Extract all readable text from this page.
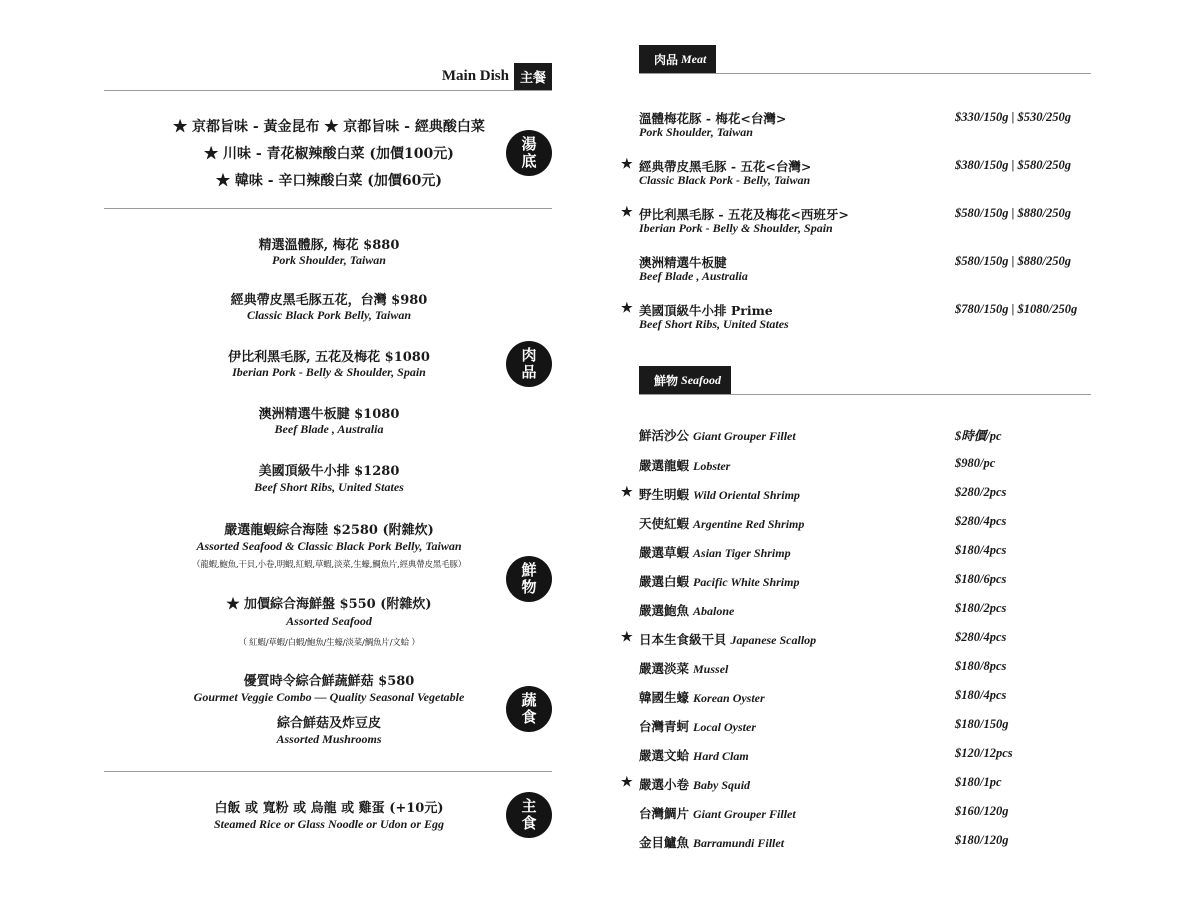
Main Dish 主餐
★ 京都旨味 - 黃金昆布 ★ 京都旨味 - 經典酸白菜
★ 川味 - 青花椒辣酸白菜 (加價100元)
★ 韓味 - 辛口辣酸白菜 (加價60元)
湯
底
精選溫體豚, 梅花 $880
Pork Shoulder, Taiwan
經典帶皮黑毛豚五花，台灣 $980
Classic Black Pork Belly, Taiwan
伊比利黑毛豚, 五花及梅花 $1080
Iberian Pork - Belly & Shoulder, Spain
澳洲精選牛板腱 $1080
Beef Blade , Australia
美國頂級牛小排 $1280
Beef Short Ribs, United States
肉
品
嚴選龍蝦綜合海陸 $2580 (附雜炊)
Assorted Seafood & Classic Black Pork Belly, Taiwan
（龍蝦,鮑魚,干貝,小卷,明蝦,紅蝦,草蝦,淡菜,生蠔,鯛魚片,經典帶皮黑毛豚）
★ 加價綜合海鮮盤 $550 (附雜炊)
Assorted Seafood
（ 紅蝦/草蝦/白蝦/鮑魚/生蠔/淡菜/鯛魚片/文蛤 ）
鮮
物
優質時令綜合鮮蔬鮮菇 $580
Gourmet Veggie Combo — Quality Seasonal Vegetable
綜合鮮菇及炸豆皮
Assorted Mushrooms
蔬
食
白飯 或 寬粉 或 烏龍 或 雞蛋 (+10元)
Steamed Rice or Glass Noodle or Udon or Egg
主
食
肉品 Meat
溫體梅花豚 - 梅花<台灣>
Pork Shoulder, Taiwan
$330/150g | $530/250g
★ 經典帶皮黑毛豚 - 五花<台灣>
Classic Black Pork - Belly, Taiwan
$380/150g | $580/250g
★ 伊比利黑毛豚 - 五花及梅花<西班牙>
Iberian Pork - Belly & Shoulder, Spain
$580/150g | $880/250g
澳洲精選牛板腱
Beef Blade , Australia
$580/150g | $880/250g
★ 美國頂級牛小排 Prime
Beef Short Ribs, United States
$780/150g | $1080/250g
鮮物 Seafood
鮮活沙公 Giant Grouper Fillet	$時價/pc
嚴選龍蝦 Lobster	$980/pc
★ 野生明蝦 Wild Oriental Shrimp	$280/2pcs
天使紅蝦 Argentine Red Shrimp	$280/4pcs
嚴選草蝦 Asian Tiger Shrimp	$180/4pcs
嚴選白蝦 Pacific White Shrimp	$180/6pcs
嚴選鮑魚 Abalone	$180/2pcs
★ 日本生食級干貝 Japanese Scallop	$280/4pcs
嚴選淡菜 Mussel	$180/8pcs
韓國生蠔 Korean Oyster	$180/4pcs
台灣青蚵 Local Oyster	$180/150g
嚴選文蛤 Hard Clam	$120/12pcs
★ 嚴選小卷 Baby Squid	$180/1pc
台灣鯛片 Giant Grouper Fillet	$160/120g
金目鱸魚 Barramundi Fillet	$180/120g
